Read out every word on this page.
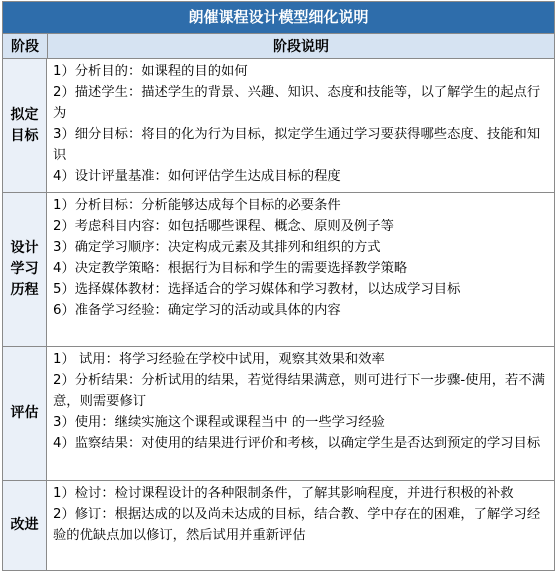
朗催课程设计模型细化说明
阶段	阶段说明
拟定目标
1）分析目的：如课程的目的如何
2）描述学生：描述学生的背景、兴趣、知识、态度和技能等，以了解学生的起点行为
3）细分目标：将目的化为行为目标，拟定学生通过学习要获得哪些态度、技能和知识
4）设计评量基准：如何评估学生达成目标的程度
设计学习历程
1）分析目标：分析能够达成每个目标的必要条件
2）考虑科目内容：如包括哪些课程、概念、原则及例子等
3）确定学习顺序：决定构成元素及其排列和组织的方式
4）决定教学策略：根据行为目标和学生的需要选择教学策略
5）选择媒体教材：选择适合的学习媒体和学习教材，以达成学习目标
6）准备学习经验：确定学习的活动或具体的内容
评估
1） 试用：将学习经验在学校中试用，观察其效果和效率
2）分析结果：分析试用的结果，若觉得结果满意，则可进行下一步骤-使用，若不满意，则需要修订
3）使用：继续实施这个课程或课程当中 的一些学习经验
4）监察结果：对使用的结果进行评价和考核，以确定学生是否达到预定的学习目标
改进
1）检讨：检讨课程设计的各种限制条件，了解其影响程度，并进行积极的补救
2）修订：根据达成的以及尚未达成的目标，结合教、学中存在的困难，了解学习经验的优缺点加以修订，然后试用并重新评估
